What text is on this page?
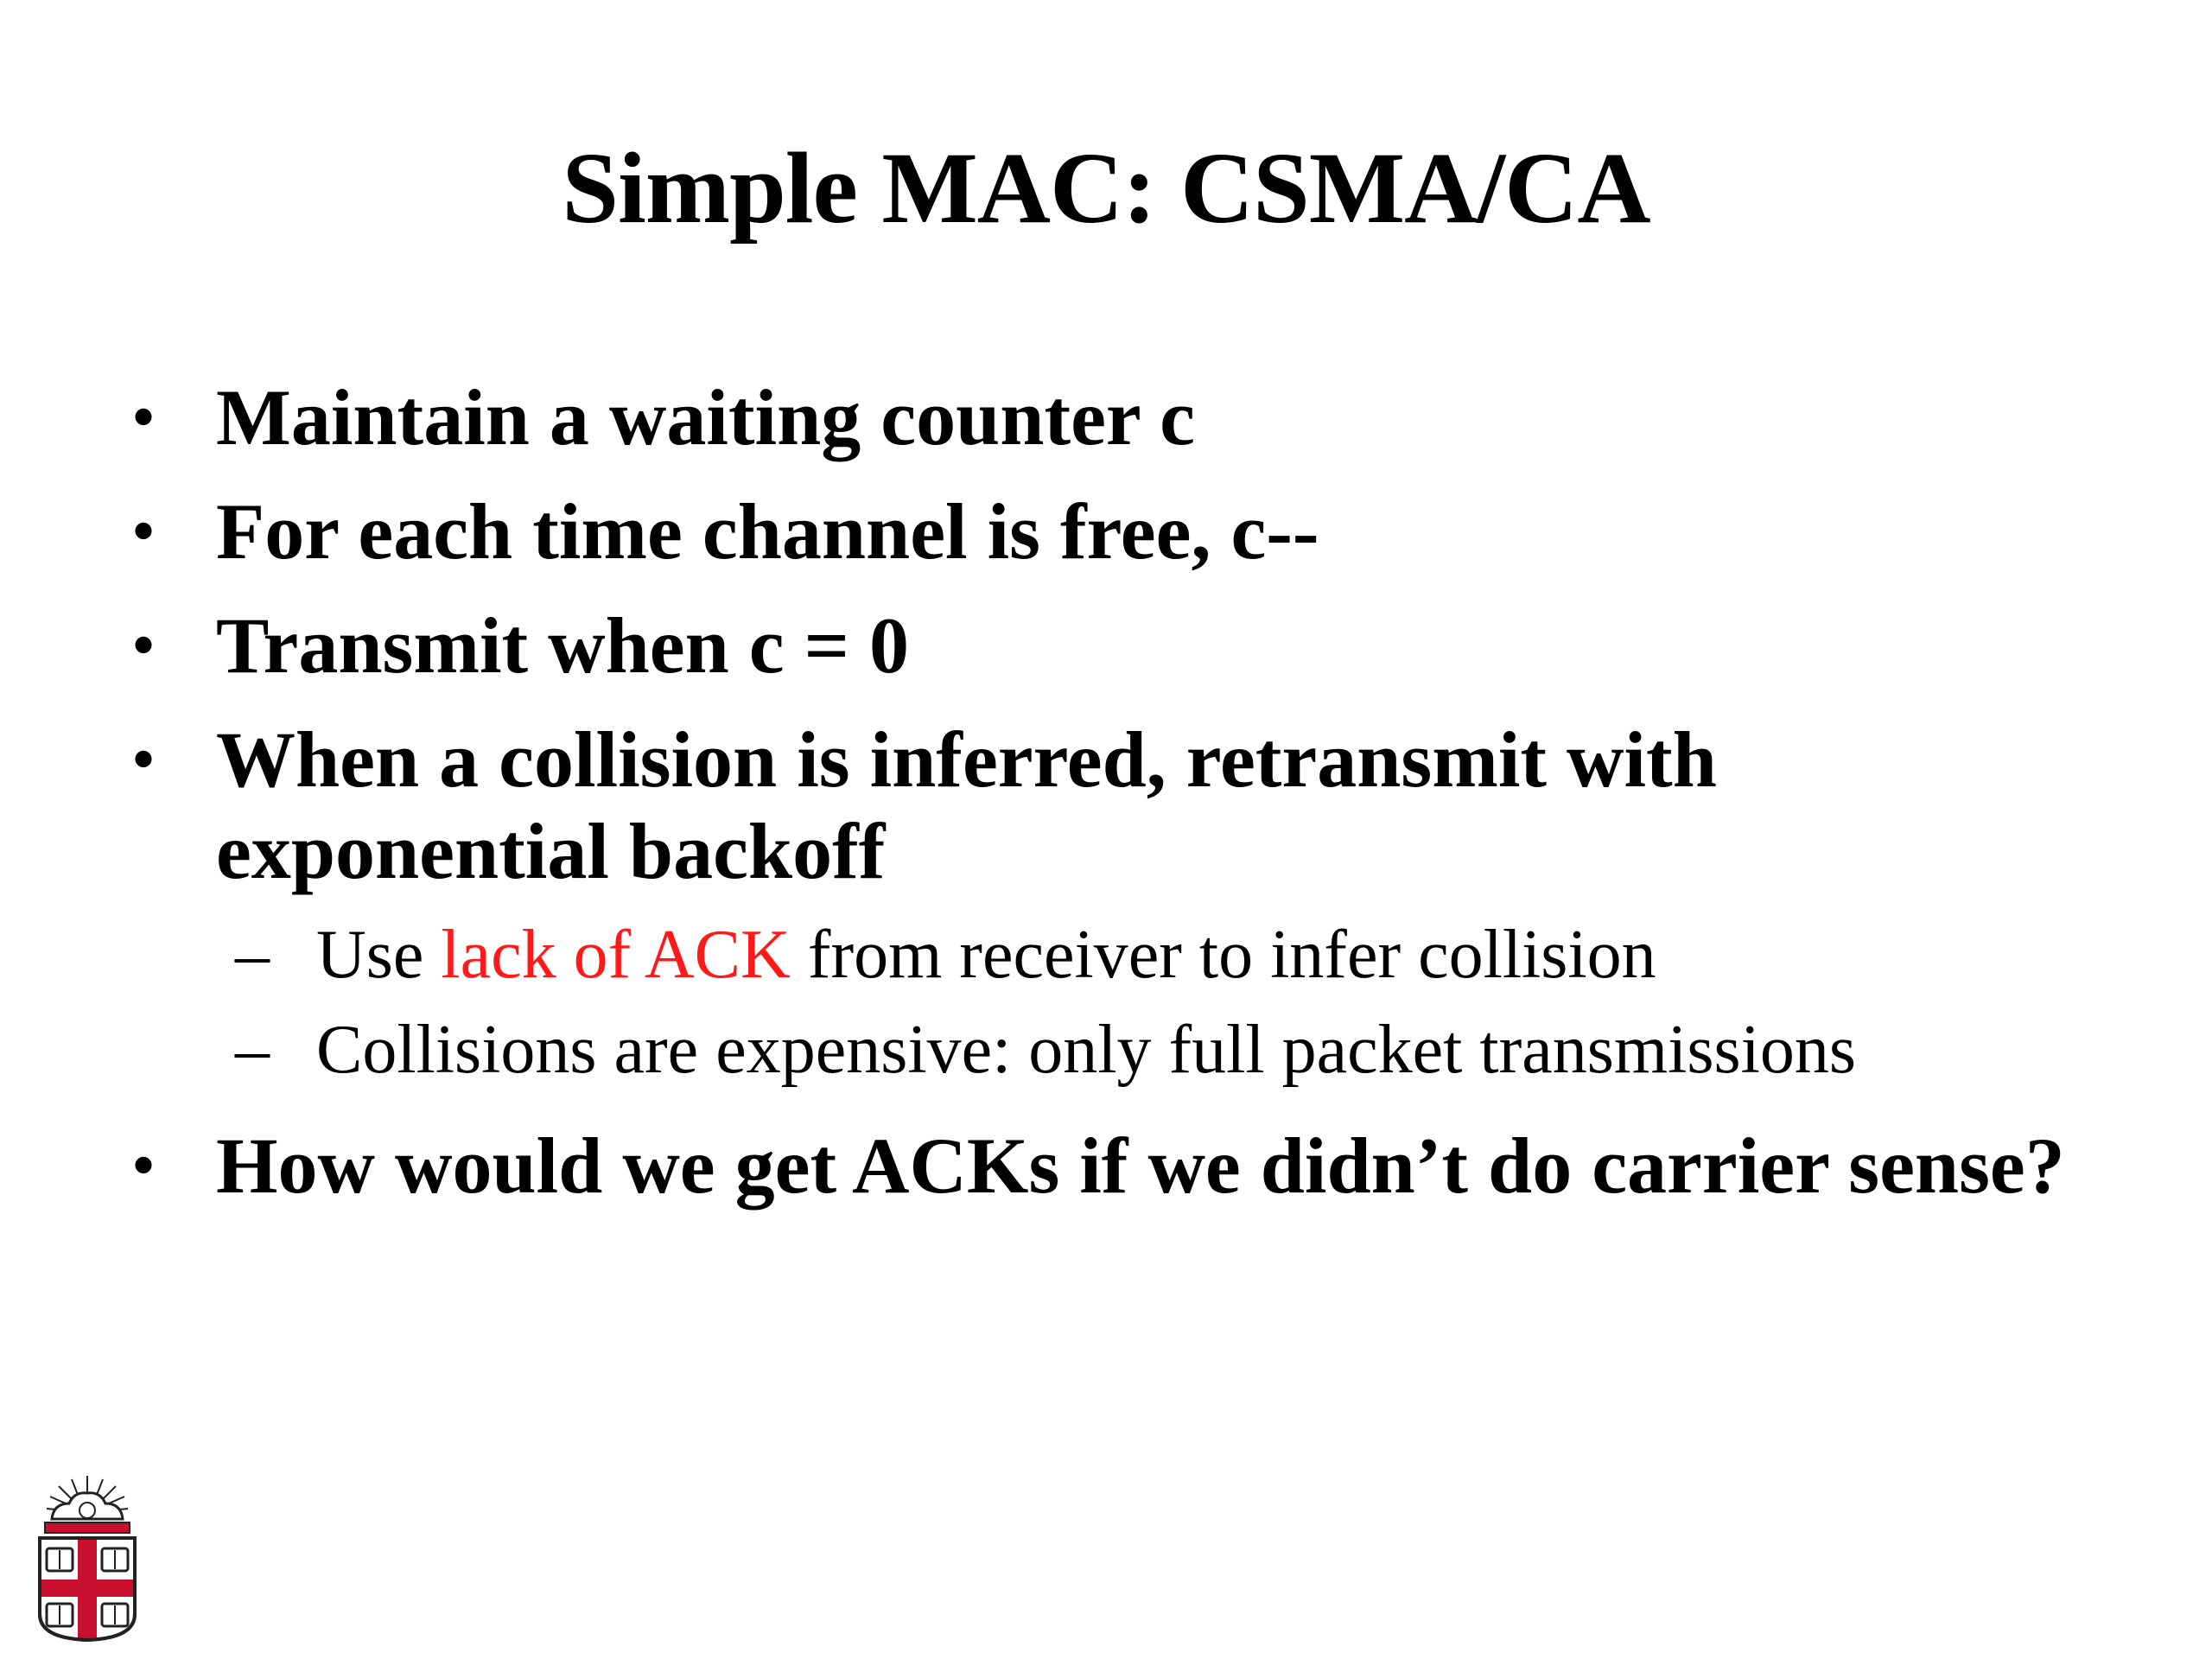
Simple MAC: CSMA/CA
• Maintain a waiting counter c
• For each time channel is free, c--
• Transmit when c = 0
• When a collision is inferred, retransmit with exponential backoff
– Use lack of ACK from receiver to infer collision
– Collisions are expensive: only full packet transmissions
• How would we get ACKs if we didn’t do carrier sense?
